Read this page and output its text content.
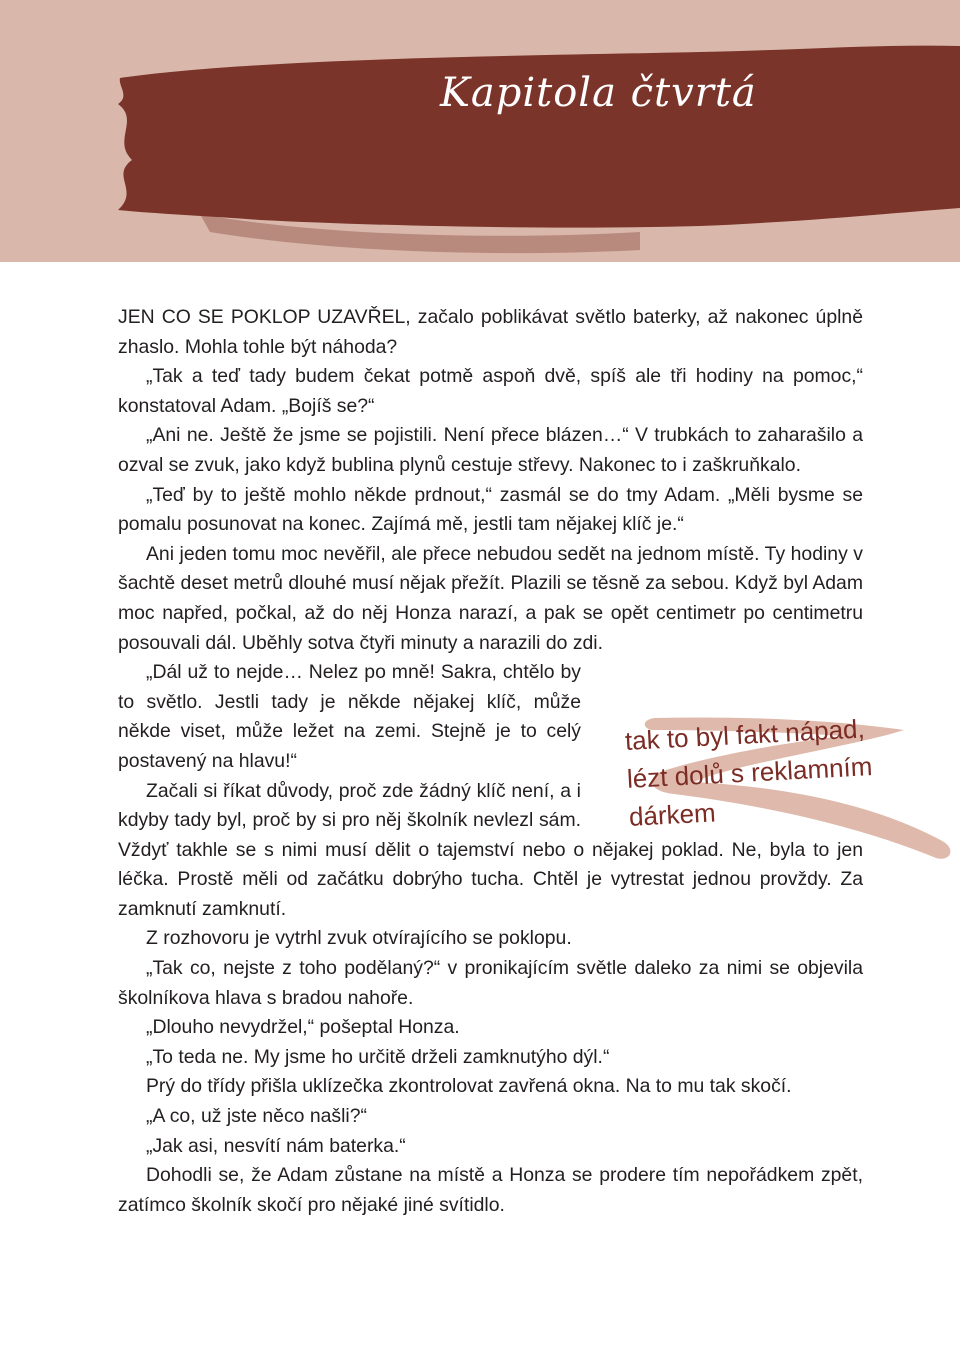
Kapitola čtvrtá

JEN CO SE POKLOP UZAVŘEL, začalo poblikávat světlo baterky, až nakonec úplně zhaslo. Mohla tohle být náhoda?

„Tak a teď tady budem čekat potmě aspoň dvě, spíš ale tři hodiny na pomoc,“ konstatoval Adam. „Bojíš se?“

„Ani ne. Ještě že jsme se pojistili. Není přece blázen…“ V trubkách to zaharašilo a ozval se zvuk, jako když bublina plynů cestuje střevy. Nakonec to i zaškruňkalo.

„Teď by to ještě mohlo někde prdnout,“ zasmál se do tmy Adam. „Měli bysme se pomalu posunovat na konec. Zajímá mě, jestli tam nějakej klíč je.“

Ani jeden tomu moc nevěřil, ale přece nebudou sedět na jednom místě. Ty hodiny v šachtě deset metrů dlouhé musí nějak přežít. Plazili se těsně za sebou. Když byl Adam moc napřed, počkal, až do něj Honza narazí, a pak se opět centimetr po centimetru posouvali dál. Uběhly sotva čtyři minuty a narazili do zdi.

„Dál už to nejde… Nelez po mně! Sakra, chtělo by to světlo. Jestli tady je někde nějakej klíč, může někde viset, může ležet na zemi. Stejně je to celý postavený na hlavu!“

Začali si říkat důvody, proč zde žádný klíč není, a i kdyby tady byl, proč by si pro něj školník nevlezl sám. Vždyť takhle se s nimi musí dělit o tajemství nebo o nějakej poklad. Ne, byla to jen léčka. Prostě měli od začátku dobrýho tucha. Chtěl je vytrestat jednou provždy. Za zamknutí zamknutí.

Z rozhovoru je vytrhl zvuk otvírajícího se poklopu.

„Tak co, nejste z toho podělaný?“ v pronikajícím světle daleko za nimi se objevila školníkova hlava s bradou nahoře.

„Dlouho nevydržel,“ pošeptal Honza.

„To teda ne. My jsme ho určitě drželi zamknutýho dýl.“

Prý do třídy přišla uklízečka zkontrolovat zavřená okna. Na to mu tak skočí.

„A co, už jste něco našli?“

„Jak asi, nesvítí nám baterka.“

Dohodli se, že Adam zůstane na místě a Honza se prodere tím nepořádkem zpět, zatímco školník skočí pro nějaké jiné svítidlo.

tak to byl fakt nápad,
lézt dolů s reklamním
dárkem
